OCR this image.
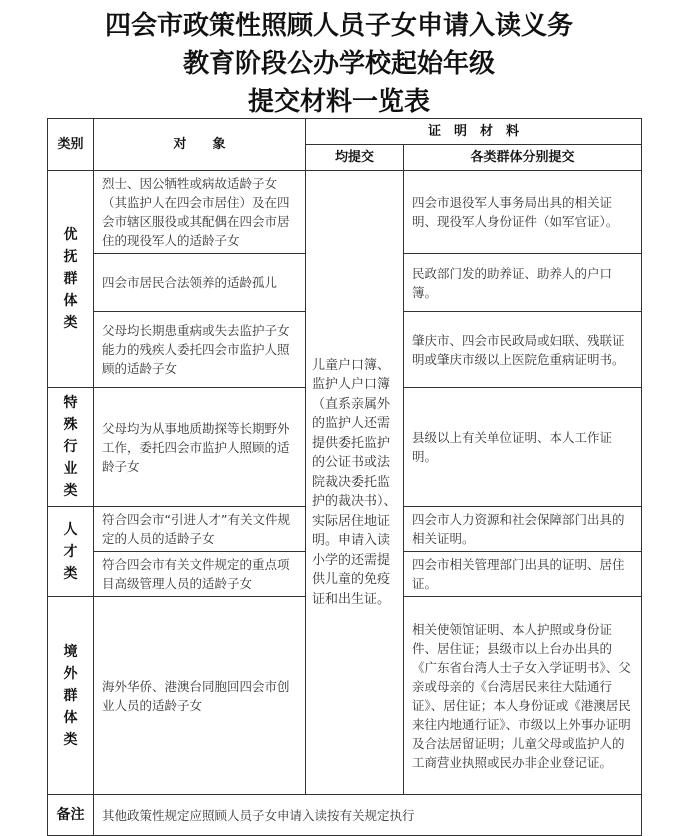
四会市政策性照顾人员子女申请入读义务
教育阶段公办学校起始年级
提交材料一览表
类别	对　　象	证　明　材　料	
		均提交	各类群体分别提交
优抚群体类	烈士、因公牺牲或病故适龄子女（其监护人在四会市居住）及在四会市辖区服役或其配偶在四会市居住的现役军人的适龄子女	儿童户口簿、监护人户口簿（直系亲属外的监护人还需提供委托监护的公证书或法院裁决委托监护的裁决书）、实际居住地证明。申请入读小学的还需提供儿童的免疫证和出生证。	四会市退役军人事务局出具的相关证明、现役军人身份证件（如军官证）。
	四会市居民合法领养的适龄孤儿		民政部门发的助养证、助养人的户口簿。
	父母均长期患重病或失去监护子女能力的残疾人委托四会市监护人照顾的适龄子女		肇庆市、四会市民政局或妇联、残联证明或肇庆市级以上医院危重病证明书。
特殊行业类	父母均为从事地质勘探等长期野外工作，委托四会市监护人照顾的适龄子女		县级以上有关单位证明、本人工作证明。
人才类	符合四会市“引进人才”有关文件规定的人员的适龄子女		四会市人力资源和社会保障部门出具的相关证明。
	符合四会市有关文件规定的重点项目高级管理人员的适龄子女		四会市相关管理部门出具的证明、居住证。
境外群体类	海外华侨、港澳台同胞回四会市创业人员的适龄子女		相关使领馆证明、本人护照或身份证件、居住证；县级市以上台办出具的《广东省台湾人士子女入学证明书》、父亲或母亲的《台湾居民来往大陆通行证》、居住证；本人身份证或《港澳居民来往内地通行证》、市级以上外事办证明及合法居留证明；儿童父母或监护人的工商营业执照或民办非企业登记证。
备注	其他政策性规定应照顾人员子女申请入读按有关规定执行		
